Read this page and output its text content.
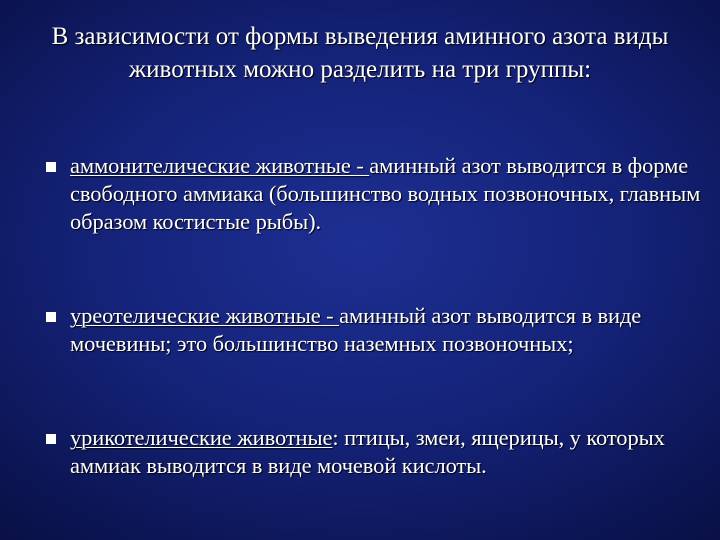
В зависимости от формы выведения аминного азота виды животных можно разделить на три группы:
аммонителические животные - аминный азот выводится в форме свободного аммиака (большинство водных позвоночных, главным образом костистые рыбы).
уреотелические животные - аминный азот выводится в виде мочевины; это большинство наземных позвоночных;
урикотелические животные: птицы, змеи, ящерицы, у которых аммиак выводится в виде мочевой кислоты.
